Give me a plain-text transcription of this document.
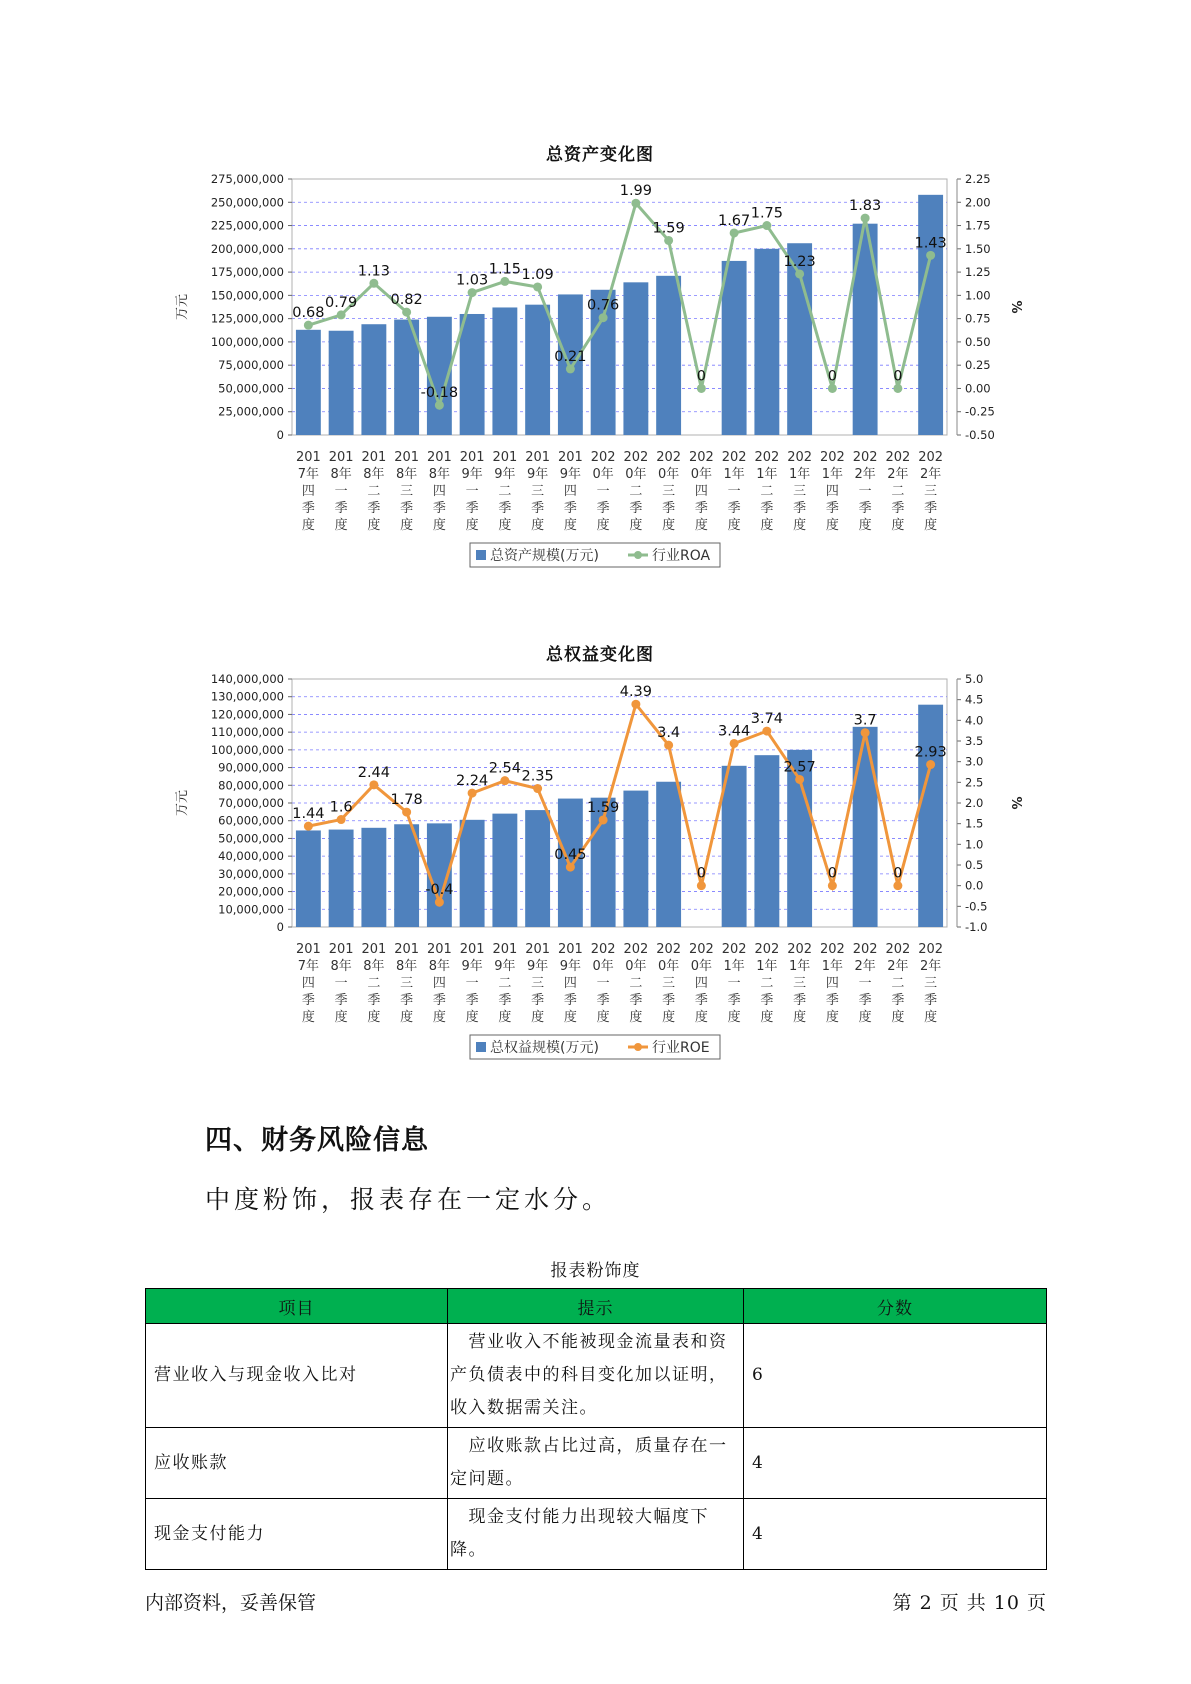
总资产变化图
275,000,000
250,000,000
225,000,000
200,000,000
175,000,000
150,000,000
125,000,000
100,000,000
75,000,000
50,000,000
25,000,000
0
2.25
2.00
1.75
1.50
1.25
1.00
0.75
0.50
0.25
0.00
-0.25
-0.50
万元	%
0.68
0.79
1.13
0.82
-0.18
1.03
1.15 1.09
0.21
0.76
1.99
1.59
0
1.67 1.75
1.23
0
1.83
0
1.43
201
7年
四
季
度
201
8年
一
季
度
201
8年
二
季
度
201
8年
三
季
度
201
8年
四
季
度
201
9年
一
季
度
201
9年
二
季
度
201
9年
三
季
度
201
9年
四
季
度
202
0年
一
季
度
202
0年
二
季
度
202
0年
三
季
度
202
0年
四
季
度
202
1年
一
季
度
202
1年
二
季
度
202
1年
三
季
度
202
1年
四
季
度
202
2年
一
季
度
202
2年
二
季
度
202
2年
三
季
度
总资产规模(万元)	行业ROA
总权益变化图
140,000,000
130,000,000
120,000,000
110,000,000
100,000,000
90,000,000
80,000,000
70,000,000
60,000,000
50,000,000
40,000,000
30,000,000
20,000,000
10,000,000
0
5.0
4.5
4.0
3.5
3.0
2.5
2.0
1.5
1.0
0.5
0.0
-0.5
-1.0
万元	%
1.44 1.6
2.44
1.78
-0.4
2.24
2.54 2.35
0.45
1.59
4.39
3.4
0
3.44
3.74
2.57
0
3.7
0
2.93
201
7年
四
季
度
201
8年
一
季
度
201
8年
二
季
度
201
8年
三
季
度
201
8年
四
季
度
201
9年
一
季
度
201
9年
二
季
度
201
9年
三
季
度
201
9年
四
季
度
202
0年
一
季
度
202
0年
二
季
度
202
0年
三
季
度
202
0年
四
季
度
202
1年
一
季
度
202
1年
二
季
度
202
1年
三
季
度
202
1年
四
季
度
202
2年
一
季
度
202
2年
二
季
度
202
2年
三
季
度
总权益规模(万元)	行业ROE
四、财务风险信息
中度粉饰，报表存在一定水分。
报表粉饰度
项目	提示	分数
营业收入与现金收入比对	　营业收入不能被现金流量表和资产负债表中的科目变化加以证明，收入数据需关注。	6
应收账款	　应收账款占比过高，质量存在一定问题。	4
现金支付能力	　现金支付能力出现较大幅度下降。	4
内部资料，妥善保管	第 2 页 共 10 页
